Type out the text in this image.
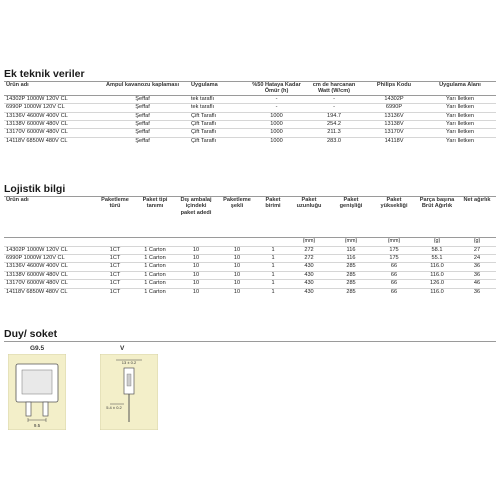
Ek teknik veriler
Ürün adı	Ampul kavanozu kaplaması	Uygulama	%50 Hataya Kadar Ömür (h)	cm de harcanan Watt (W/cm)	Philips Kodu	Uygulama Alanı
14302P 1000W 120V CL	Şeffaf	tek taraflı	-	-	14302P	Yarı İletken
6990P 1000W 120V CL	Şeffaf	tek taraflı	-	-	6990P	Yarı İletken
13136V 4600W 400V CL	Şeffaf	Çift Taraflı	1000	194.7	13136V	Yarı İletken
13138V 6000W 480V CL	Şeffaf	Çift Taraflı	1000	254.2	13138V	Yarı İletken
13170V 6000W 480V CL	Şeffaf	Çift Taraflı	1000	211.3	13170V	Yarı İletken
14118V 6850W 480V CL	Şeffaf	Çift Taraflı	1000	283.0	14118V	Yarı İletken
Lojistik bilgi
Ürün adı	Paketleme türü	Paket tipi tanımı	Dış ambalaj içindeki paket adedi	Paketleme şekli	Paket birimi	Paket uzunluğu	Paket genişliği	Paket yüksekliği	Parça başına Brüt Ağırlık	Net ağırlık
						(mm)	(mm)	(mm)	(g)	(g)
14302P 1000W 120V CL	1CT	1 Carton	10	10	1	272	116	175	58.1	27
6990P 1000W 120V CL	1CT	1 Carton	10	10	1	272	116	175	55.1	24
13136V 4600W 400V CL	1CT	1 Carton	10	10	1	430	285	66	116.0	36
13138V 6000W 480V CL	1CT	1 Carton	10	10	1	430	285	66	116.0	36
13170V 6000W 480V CL	1CT	1 Carton	10	10	1	430	285	66	126.0	46
14118V 6850W 480V CL	1CT	1 Carton	10	10	1	430	285	66	116.0	36
Duy/ soket
G9.5
9.5
V
13 ± 0.2
5.4 ± 0.2
